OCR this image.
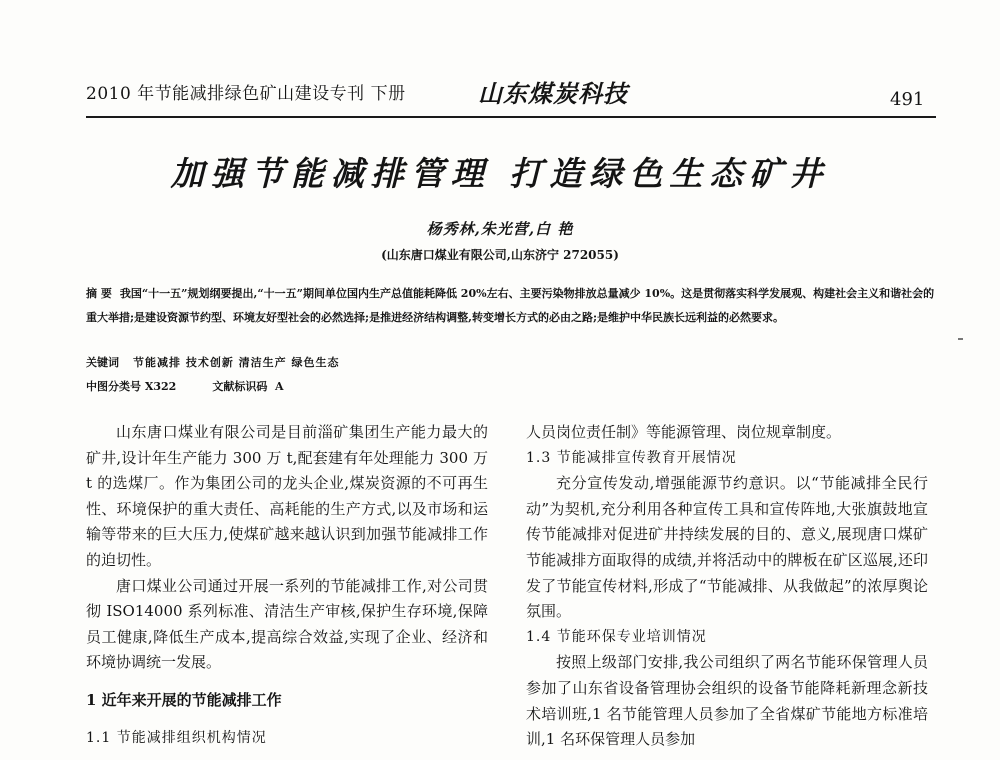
2010 年节能减排绿色矿山建设专刊 下册	山东煤炭科技	491
加强节能减排管理 打造绿色生态矿井
杨秀林,朱光营,白 艳
(山东唐口煤业有限公司,山东济宁 272055)
摘 要 我国“十一五”规划纲要提出,“十一五”期间单位国内生产总值能耗降低 20%左右、主要污染物排放总量减少 10%。这是贯彻落实科学发展观、构建社会主义和谐社会的重大举措;是建设资源节约型、环境友好型社会的必然选择;是推进经济结构调整,转变增长方式的必由之路;是维护中华民族长远利益的必然要求。
关键词 节能减排 技术创新 清洁生产 绿色生态
中图分类号 X322	文献标识码 A

山东唐口煤业有限公司是目前淄矿集团生产能力最大的矿井,设计年生产能力 300 万 t,配套建有年处理能力 300 万 t 的选煤厂。作为集团公司的龙头企业,煤炭资源的不可再生性、环境保护的重大责任、高耗能的生产方式,以及市场和运输等带来的巨大压力,使煤矿越来越认识到加强节能减排工作的迫切性。

唐口煤业公司通过开展一系列的节能减排工作,对公司贯彻 ISO14000 系列标准、清洁生产审核,保护生存环境,保障员工健康,降低生产成本,提高综合效益,实现了企业、经济和环境协调统一发展。

1 近年来开展的节能减排工作

1.1 节能减排组织机构情况

人员岗位责任制》等能源管理、岗位规章制度。

1.3 节能减排宣传教育开展情况

充分宣传发动,增强能源节约意识。以“节能减排全民行动”为契机,充分利用各种宣传工具和宣传阵地,大张旗鼓地宣传节能减排对促进矿井持续发展的目的、意义,展现唐口煤矿节能减排方面取得的成绩,并将活动中的牌板在矿区巡展,还印发了节能宣传材料,形成了“节能减排、从我做起”的浓厚舆论氛围。

1.4 节能环保专业培训情况

按照上级部门安排,我公司组织了两名节能环保管理人员参加了山东省设备管理协会组织的设备节能降耗新理念新技术培训班,1 名节能管理人员参加了全省煤矿节能地方标准培训,1 名环保管理人员参加
